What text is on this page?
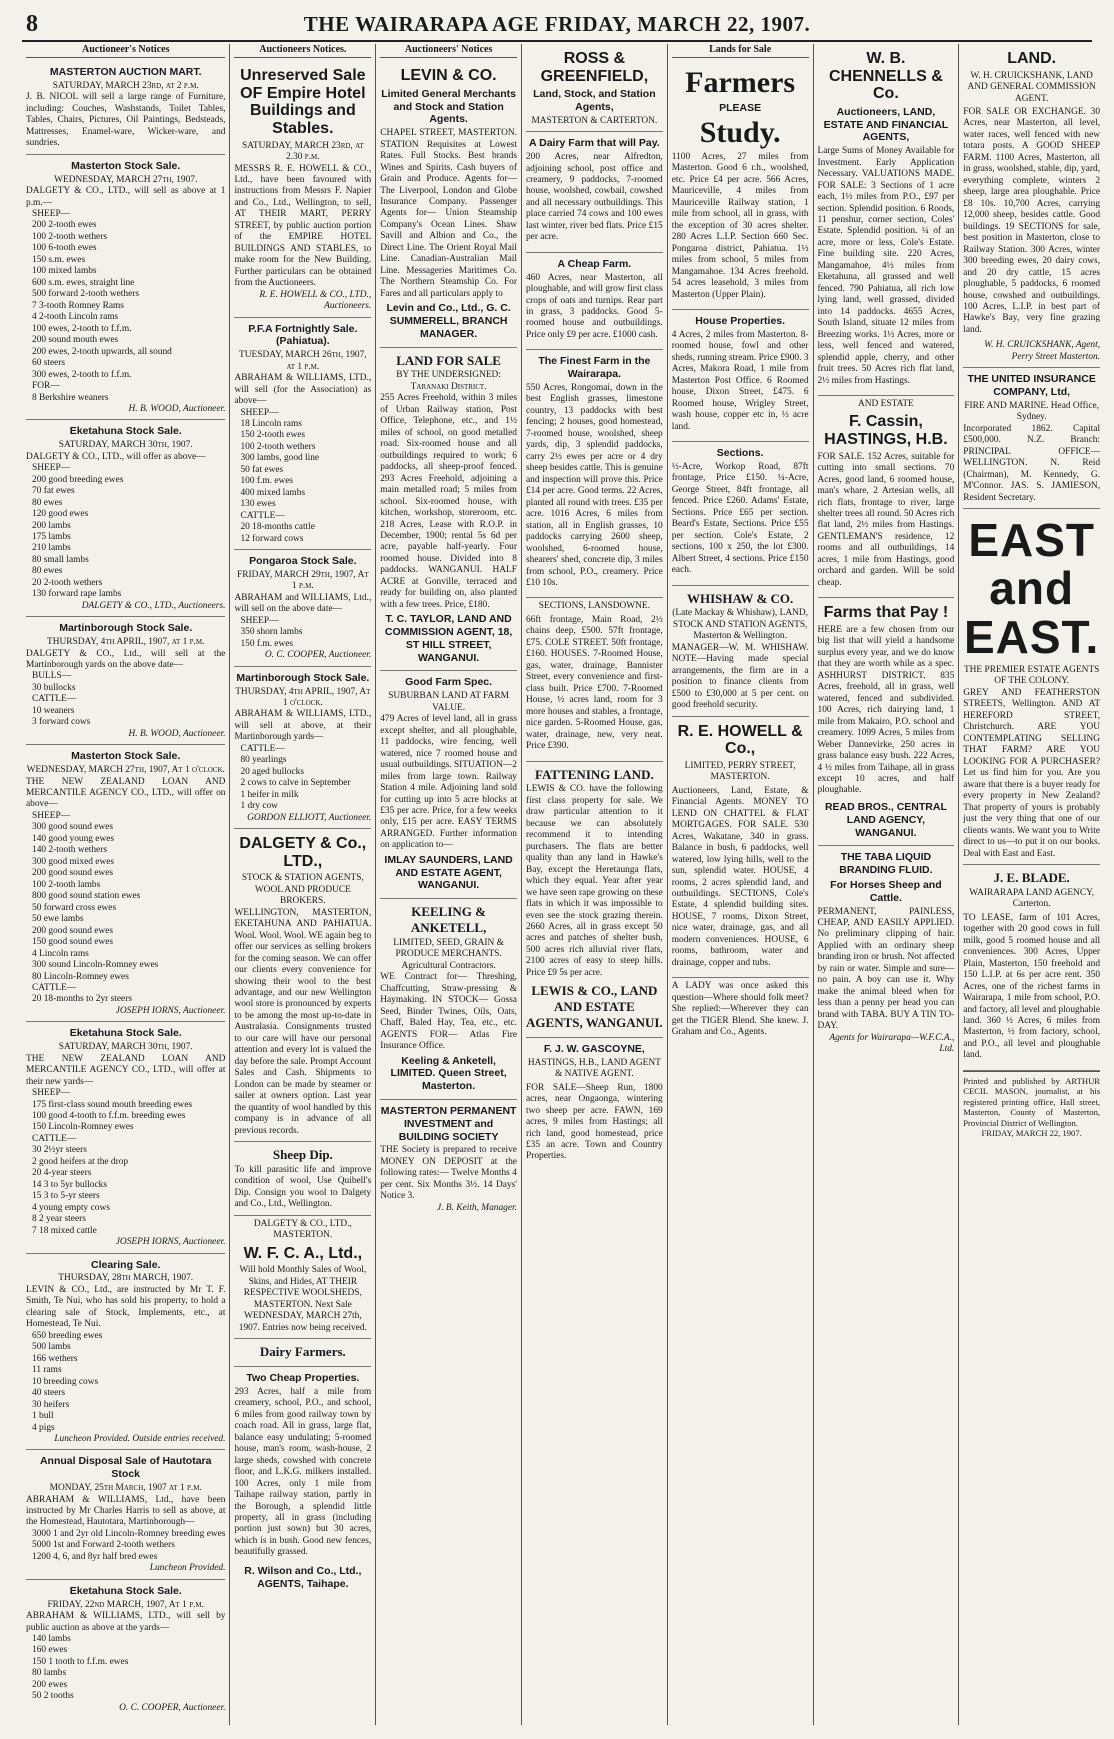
8	THE WAIRARAPA AGE FRIDAY, MARCH 22, 1907.
Auctioneer's Notices
MASTERTON AUCTION MART.
SATURDAY, MARCH 23rd, at 2 p.m.
J. B. NICOL will sell a large range of Furniture, including: Couches, Washstands, Toilet Tables, Tables, Chairs, Pictures, Oil Paintings, Bedsteads, Mattresses, Enamel-ware, Wicker-ware, and sundries.
Masterton Stock Sale.
WEDNESDAY, MARCH 27th, 1907.
DALGETY & CO., LTD., will sell as above at 1 p.m.—
SHEEP—
200 2-tooth ewes
100 2-tooth wethers
100 6-tooth ewes
150 s.m. ewes
100 mixed lambs
600 s.m. ewes, straight line
500 forward 2-tooth wethers
7 3-tooth Romney Rams
4 2-tooth Lincoln rams
100 ewes, 2-tooth to f.f.m.
200 sound mouth ewes
200 ewes, 2-tooth upwards, all sound
60 steers
300 ewes, 2-tooth to f.f.m.
FOR—
8 Berkshire weaners
H. B. WOOD, Auctioneer.
Eketahuna Stock Sale.
SATURDAY, MARCH 30th, 1907.
DALGETY & CO., LTD., will offer as above—
SHEEP—
200 good breeding ewes
70 fat ewes
80 ewes
120 good ewes
200 lambs
175 lambs
210 lambs
80 small lambs
80 ewes
20 2-tooth wethers
130 forward rape lambs
DALGETY & CO., LTD., Auctioneers.
Martinborough Stock Sale.
THURSDAY, 4th APRIL, 1907, at 1 p.m.
DALGETY & CO., Ltd., will sell at the Martinborough yards on the above date—
BULLS—
30 bullocks
CATTLE—
10 weaners
3 forward cows
H. B. WOOD, Auctioneer.
Masterton Stock Sale.
WEDNESDAY, MARCH 27th, 1907, At 1 o'clock.
THE NEW ZEALAND LOAN AND MERCANTILE AGENCY CO., LTD., will offer on above—
SHEEP—
300 good sound ewes
140 good young ewes
140 2-tooth wethers
300 good mixed ewes
200 good sound ewes
100 2-tooth lambs
800 good sound station ewes
50 forward cross ewes
50 ewe lambs
200 good sound ewes
150 good sound ewes
4 Lincoln rams
300 sound Lincoln-Romney ewes
80 Lincoln-Romney ewes
CATTLE—
20 18-months to 2yr steers
JOSEPH IORNS, Auctioneer.
Eketahuna Stock Sale.
SATURDAY, MARCH 30th, 1907.
THE NEW ZEALAND LOAN AND MERCANTILE AGENCY CO., LTD., will offer at their new yards—
SHEEP—
175 first-class sound mouth breeding ewes
100 good 4-tooth to f.f.m. breeding ewes
150 Lincoln-Romney ewes
CATTLE—
30 2½yr steers
2 good heifers at the drop
20 4-year steers
14 3 to 5yr bullocks
15 3 to 5-yr steers
4 young empty cows
8 2 year steers
7 18 mixed cattle
JOSEPH IORNS, Auctioneer.
Clearing Sale.
THURSDAY, 28th MARCH, 1907.
LEVIN & CO., Ltd., are instructed by Mr T. F. Smith, Te Nui, who has sold his property, to hold a clearing sale of Stock, Implements, etc., at Homestead, Te Nui.
650 breeding ewes
500 lambs
166 wethers
11 rams
10 breeding cows
40 steers
30 heifers
1 bull
4 pigs
Luncheon Provided. Outside entries received.
Annual Disposal Sale of Hautotara Stock
MONDAY, 25th March, 1907 at 1 p.m.
ABRAHAM & WILLIAMS, Ltd., have been instructed by Mr Charles Harris to sell as above, at the Homestead, Hautotara, Martinborough—
3000 1 and 2yr old Lincoln-Romney breeding ewes
5000 1st and Forward 2-tooth wethers
1200 4, 6, and 8yr half bred ewes
Luncheon Provided.
Eketahuna Stock Sale.
FRIDAY, 22nd MARCH, 1907, At 1 p.m.
ABRAHAM & WILLIAMS, LTD., will sell by public auction as above at the yards—
140 lambs
160 ewes
150 1 tooth to f.f.m. ewes
80 lambs
200 ewes
50 2 tooths
O. C. COOPER, Auctioneer.
Auctioneers Notices.
Unreserved Sale OF Empire Hotel Buildings and Stables.
SATURDAY, MARCH 23rd, at 2.30 p.m.
MESSRS R. E. HOWELL & CO., Ltd., have been favoured with instructions from Messrs F. Napier and Co., Ltd., Wellington, to sell, AT THEIR MART, PERRY STREET, by public auction portion of the EMPIRE HOTEL BUILDINGS AND STABLES, to make room for the New Building. Further particulars can be obtained from the Auctioneers.
R. E. HOWELL & CO., LTD., Auctioneers.
P.F.A Fortnightly Sale. (Pahiatua).
TUESDAY, MARCH 26th, 1907, at 1 p.m.
ABRAHAM & WILLIAMS, LTD., will sell (for the Association) as above—
SHEEP—
18 Lincoln rams
150 2-tooth ewes
100 2-tooth wethers
300 lambs, good line
50 fat ewes
100 f.m. ewes
400 mixed lambs
130 ewes
CATTLE—
20 18-months cattle
12 forward cows
Pongaroa Stock Sale.
FRIDAY, MARCH 29th, 1907, At 1 p.m.
ABRAHAM and WILLIAMS, Ltd., will sell on the above date—
SHEEP—
350 shorn lambs
150 f.m. ewes
O. C. COOPER, Auctioneer.
Martinborough Stock Sale.
THURSDAY, 4th APRIL, 1907, At 1 o'clock.
ABRAHAM & WILLIAMS, LTD., will sell at above, at their Martinborough yards—
CATTLE—
80 yearlings
20 aged bullocks
2 cows to calve in September
1 heifer in milk
1 dry cow
GORDON ELLIOTT, Auctioneer.
DALGETY & Co., LTD.,
STOCK & STATION AGENTS, WOOL AND PRODUCE BROKERS.
WELLINGTON, MASTERTON, EKETAHUNA AND PAHIATUA. Wool. Wool. Wool. WE again beg to offer our services as selling brokers for the coming season. We can offer our clients every convenience for showing their wool to the best advantage, and our new Wellington wool store is pronounced by experts to be among the most up-to-date in Australasia. Consignments trusted to our care will have our personal attention and every lot is valued the day before the sale. Prompt Account Sales and Cash. Shipments to London can be made by steamer or sailer at owners option. Last year the quantity of wool handled by this company is in advance of all previous records.
Sheep Dip.
To kill parasitic life and improve condition of wool, Use Quibell's Dip. Consign you wool to Dalgety and Co., Ltd., Wellington.
DALGETY & CO., LTD., MASTERTON.
W. F. C. A., Ltd.,
Will hold Monthly Sales of Wool, Skins, and Hides, AT THEIR RESPECTIVE WOOLSHEDS, MASTERTON. Next Sale WEDNESDAY, MARCH 27th, 1907. Entries now being received.
Dairy Farmers.
Two Cheap Properties.
293 Acres, half a mile from creamery, school, P.O., and school, 6 miles from good railway town by coach road. All in grass, large flat, balance easy undulating; 5-roomed house, man's room, wash-house, 2 large sheds, cowshed with concrete floor, and L.K.G. milkers installed. 100 Acres, only 1 mile from Taihape railway station, partly in the Borough, a splendid little property, all in grass (including portion just sown) but 30 acres, which is in bush. Good new fences, beautifully grassed.
R. Wilson and Co., Ltd., AGENTS, Taihape.
Auctioneers' Notices
LEVIN & CO.
Limited General Merchants and Stock and Station Agents.
CHAPEL STREET, MASTERTON. STATION Requisites at Lowest Rates. Full Stocks. Best brands Wines and Spirits. Cash buyers of Grain and Produce. Agents for— The Liverpool, London and Globe Insurance Company. Passenger Agents for— Union Steamship Company's Ocean Lines. Shaw Savill and Albion and Co., the Direct Line. The Orient Royal Mail Line. Canadian-Australian Mail Line. Messageries Maritimes Co. The Northern Steamship Co. For Fares and all particulars apply to
Levin and Co., Ltd., G. C. SUMMERELL, BRANCH MANAGER.
LAND FOR SALE
BY THE UNDERSIGNED: Taranaki District.
255 Acres Freehold, within 3 miles of Urban Railway station, Post Office, Telephone, etc., and 1½ miles of school, on good metalled road. Six-roomed house and all outbuildings required to work; 6 paddocks, all sheep-proof fenced. 293 Acres Freehold, adjoining a main metalled road; 5 miles from school. Six-roomed house, with kitchen, workshop, storeroom, etc. 218 Acres, Lease with R.O.P. in December, 1900; rental 5s 6d per acre, payable half-yearly. Four roomed house. Divided into 8 paddocks. WANGANUI. HALF ACRE at Gonville, terraced and ready for building on, also planted with a few trees. Price, £180.
T. C. TAYLOR, LAND AND COMMISSION AGENT, 18, ST HILL STREET, WANGANUI.
Good Farm Spec.
SUBURBAN LAND AT FARM VALUE.
479 Acres of level land, all in grass except shelter, and all ploughable, 11 paddocks, wire fencing, well watered, nice 7 roomed house and usual outbuildings. SITUATION—2 miles from large town. Railway Station 4 mile. Adjoining land sold for cutting up into 5 acre blocks at £35 per acre. Price, for a few weeks only, £15 per acre. EASY TERMS ARRANGED. Further information on application to—
IMLAY SAUNDERS, LAND AND ESTATE AGENT, WANGANUI.
KEELING & ANKETELL,
LIMITED, SEED, GRAIN & PRODUCE MERCHANTS. Agricultural Contractors.
WE Contract for— Threshing, Chaffcutting, Straw-pressing & Haymaking. IN STOCK— Gossa Seed, Binder Twines, Oils, Oats, Chaff, Baled Hay, Tea, etc., etc. AGENTS FOR— Atlas Fire Insurance Office.
Keeling & Anketell, LIMITED. Queen Street, Masterton.
MASTERTON PERMANENT INVESTMENT and BUILDING SOCIETY
THE Society is prepared to receive MONEY ON DEPOSIT at the following rates:— Twelve Months 4 per cent. Six Months 3½. 14 Days' Notice 3.
J. B. Keith, Manager.
ROSS & GREENFIELD,
Land, Stock, and Station Agents,
MASTERTON & CARTERTON.
A Dairy Farm that will Pay.
200 Acres, near Alfredton, adjoining school, post office and creamery, 9 paddocks, 7-roomed house, woolshed, cowbail, cowshed and all necessary outbuildings. This place carried 74 cows and 100 ewes last winter, river bed flats. Price £15 per acre.
A Cheap Farm.
460 Acres, near Masterton, all ploughable, and will grow first class crops of oats and turnips. Rear part in grass, 3 paddocks. Good 5-roomed house and outbuildings. Price only £9 per acre. £1000 cash.
The Finest Farm in the Wairarapa.
550 Acres, Rongomai, down in the best English grasses, limestone country, 13 paddocks with best fencing; 2 houses, good homestead, 7-roomed house, woolshed, sheep yards, dip, 3 splendid paddocks, carry 2½ ewes per acre or 4 dry sheep besides cattle. This is genuine and inspection will prove this. Price £14 per acre. Good terms. 22 Acres, planted all round with trees. £35 per acre. 1016 Acres, 6 miles from station, all in English grasses, 10 paddocks carrying 2600 sheep, woolshed, 6-roomed house, shearers' shed, concrete dip, 3 miles from school, P.O., creamery. Price £10 10s.
SECTIONS, LANSDOWNE.
66ft frontage, Main Road, 2½ chains deep, £500. 57ft frontage, £75. COLE STREET. 50ft frontage, £160. HOUSES. 7-Roomed House, gas, water, drainage, Bannister Street, every convenience and first-class built. Price £700. 7-Roomed House, ½ acres land, room for 3 more houses and stables, a frontage, nice garden. 5-Roomed House, gas, water, drainage, new, very neat. Price £390.
FATTENING LAND.
LEWIS & CO. have the following first class property for sale. We draw particular attention to it because we can absolutely recommend it to intending purchasers. The flats are better quality than any land in Hawke's Bay, except the Heretaunga flats, which they equal. Year after year we have seen rape growing on these flats in which it was impossible to even see the stock grazing therein. 2660 Acres, all in grass except 50 acres and patches of shelter bush, 500 acres rich alluvial river flats, 2100 acres of easy to steep hills. Price £9 5s per acre.
LEWIS & CO., LAND AND ESTATE AGENTS, WANGANUI.
F. J. W. GASCOYNE,
HASTINGS, H.B., LAND AGENT & NATIVE AGENT.
FOR SALE—Sheep Run, 1800 acres, near Ongaonga, wintering two sheep per acre. FAWN, 169 acres, 9 miles from Hastings; all rich land, good homestead, price £35 an acre. Town and Country Properties.
Lands for Sale
Farmers
PLEASE
Study.
1100 Acres, 27 miles from Masterton. Good 6 r.h., woolshed, etc. Price £4 per acre. 566 Acres, Mauriceville, 4 miles from Mauriceville Railway station, 1 mile from school, all in grass, with the exception of 30 acres shelter. 280 Acres L.I.P. Section 660 Sec. Pongaroa district, Pahiatua. 1½ miles from school, 5 miles from Mangamahoe. 134 Acres freehold. 54 acres leasehold, 3 miles from Masterton (Upper Plain).
House Properties.
4 Acres, 2 miles from Masterton. 8-roomed house, fowl and other sheds, running stream. Price £900. 3 Acres, Makora Road, 1 mile from Masterton Post Office. 6 Roomed house, Dixon Street, £475. 6 Roomed house, Wrigley Street, wash house, copper etc in, ½ acre land.
Sections.
½-Acre, Workop Road, 87ft frontage, Price £150. ¼-Acre, George Street, 84ft frontage, all fenced. Price £260. Adams' Estate, Sections. Price £65 per section. Beard's Estate, Sections. Price £55 per section. Cole's Estate, 2 sections, 100 x 250, the lot £300. Albert Street, 4 sections. Price £150 each.
WHISHAW & CO.
(Late Mackay & Whishaw), LAND, STOCK AND STATION AGENTS, Masterton & Wellington.
MANAGER—W. M. WHISHAW. NOTE—Having made special arrangements, the firm are in a position to finance clients from £500 to £30,000 at 5 per cent. on good freehold security.
R. E. HOWELL & Co.,
LIMITED, PERRY STREET, MASTERTON.
Auctioneers, Land, Estate, & Financial Agents. MONEY TO LEND ON CHATTEL & FLAT MORTGAGES. FOR SALE. 530 Acres, Wakatane, 340 in grass. Balance in bush, 6 paddocks, well watered, low lying hills, well to the sun, splendid water. HOUSE, 4 rooms, 2 acres splendid land, and outbuildings. SECTIONS, Cole's Estate, 4 splendid building sites. HOUSE, 7 rooms, Dixon Street, nice water, drainage, gas, and all modern conveniences. HOUSE, 6 rooms, bathroom, water and drainage, copper and tubs.
A LADY was once asked this question—Where should folk meet? She replied:—Wherever they can get the TIGER Blend. She knew. J. Graham and Co., Agents.
W. B. CHENNELLS & Co.
Auctioneers, LAND, ESTATE AND FINANCIAL AGENTS,
Large Sums of Money Available for Investment. Early Application Necessary. VALUATIONS MADE. FOR SALE: 3 Sections of 1 acre each, 1½ miles from P.O., £97 per section. Splendid position. 6 Roods, 11 penshur, corner section, Coles' Estate. Splendid position. ¼ of an acre, more or less, Cole's Estate. Fine building site. 220 Acres, Mangamahoe, 4½ miles from Eketahuna, all grassed and well fenced. 790 Pahiatua, all rich low lying land, well grassed, divided into 14 paddocks. 4655 Acres, South Island, situate 12 miles from Breezing works. 1½ Acres, more or less, well fenced and watered, splendid apple, cherry, and other fruit trees. 50 Acres rich flat land, 2½ miles from Hastings.
AND ESTATE
F. Cassin, HASTINGS, H.B.
FOR SALE. 152 Acres, suitable for cutting into small sections. 70 Acres, good land, 6 roomed house, man's whare, 2 Artesian wells, all rich flats, frontage to river, large shelter trees all round. 50 Acres rich flat land, 2½ miles from Hastings. GENTLEMAN'S residence, 12 rooms and all outbuildings, 14 acres, 1 mile from Hastings, good orchard and garden. Will be sold cheap.
Farms that Pay !
HERE are a few chosen from our big list that will yield a handsome surplus every year, and we do know that they are worth while as a spec. ASHHURST DISTRICT. 835 Acres, freehold, all in grass, well watered, fenced and subdivided. 100 Acres, rich dairying land, 1 mile from Makairo, P.O. school and creamery. 1099 Acres, 5 miles from Weber Dannevirke, 250 acres in grass balance easy bush. 222 Acres, 4 ½ miles from Taihape, all in grass except 10 acres, and half ploughable.
READ BROS., CENTRAL LAND AGENCY, WANGANUI.
THE TABA LIQUID BRANDING FLUID.
For Horses Sheep and Cattle.
PERMANENT, PAINLESS, CHEAP, AND EASILY APPLIED. No preliminary clipping of hair. Applied with an ordinary sheep branding iron or brush. Not affected by rain or water. Simple and sure—no pain. A boy can use it. Why make the animal bleed when for less than a penny per head you can brand with TABA. BUY A TIN TO-DAY.
Agents for Wairarapa—W.F.C.A., Ltd.
LAND.
W. H. CRUICKSHANK, LAND AND GENERAL COMMISSION AGENT.
FOR SALE OR EXCHANGE. 30 Acres, near Masterton, all level, water races, well fenced with new totara posts. A GOOD SHEEP FARM. 1100 Acres, Masterton, all in grass, woolshed, stable, dip, yard, everything complete, winters 2 sheep, large area ploughable. Price £8 10s. 10,700 Acres, carrying 12,000 sheep, besides cattle. Good buildings. 19 SECTIONS for sale, best position in Masterton, close to Railway Station. 300 Acres, winter 300 breeding ewes, 20 dairy cows, and 20 dry cattle, 15 acres ploughable, 5 paddocks, 6 roomed house, cowshed and outbuildings. 100 Acres, L.I.P. in best part of Hawke's Bay, very fine grazing land.
W. H. CRUICKSHANK, Agent, Perry Street Masterton.
THE UNITED INSURANCE COMPANY, Ltd,
FIRE AND MARINE. Head Office, Sydney.
Incorporated 1862. Capital £500,000. N.Z. Branch: PRINCIPAL OFFICE—WELLINGTON. N. Reid (Chairman), M. Kennedy, G. M'Connor. JAS. S. JAMIESON, Resident Secretary.
EAST and EAST.
THE PREMIER ESTATE AGENTS OF THE COLONY.
GREY AND FEATHERSTON STREETS, Wellington. AND AT HEREFORD STREET, Christchurch. ARE YOU CONTEMPLATING SELLING THAT FARM? ARE YOU LOOKING FOR A PURCHASER? Let us find him for you. Are you aware that there is a buyer ready for every property in New Zealand? That property of yours is probably just the very thing that one of our clients wants. We want you to Write direct to us—to put it on our books. Deal with East and East.
J. E. BLADE.
WAIRARAPA LAND AGENCY, Carterton.
TO LEASE, farm of 101 Acres, together with 20 good cows in full milk, good 5 roomed house and all conveniences. 300 Acres, Upper Plain, Masterton, 150 freehold and 150 L.I.P. at 6s per acre rent. 350 Acres, one of the richest farms in Wairarapa, 1 mile from school, P.O. and factory, all level and ploughable land. 360 ½ Acres, 6 miles from Masterton, ½ from factory, school, and P.O., all level and ploughable land.
Printed and published by ARTHUR CECIL MASON, journalist, at his registered printing office, Hall street, Masterton, County of Masterton, Provincial District of Wellington.
FRIDAY, MARCH 22, 1907.
